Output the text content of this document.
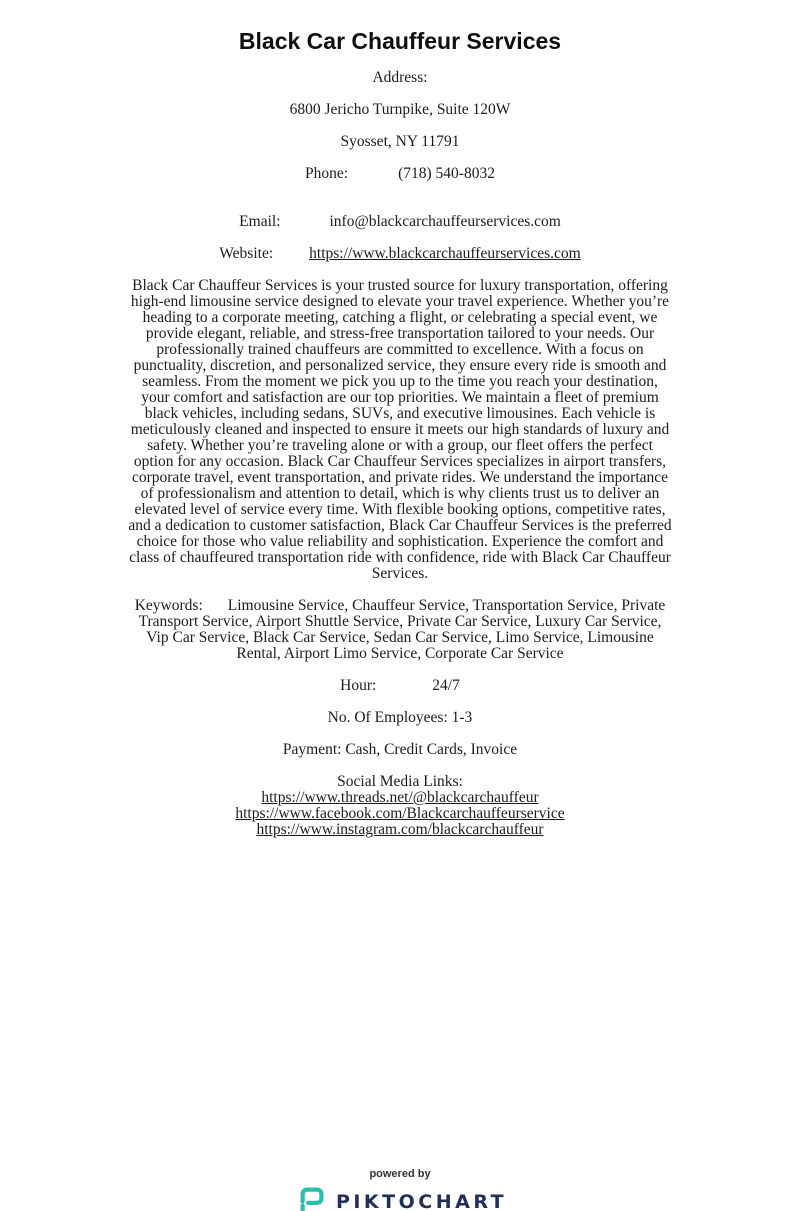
Black Car Chauffeur Services
Address:
6800 Jericho Turnpike, Suite 120W
Syosset, NY 11791
Phone:	(718) 540-8032
Email:	info@blackcarchauffeurservices.com
Website: https://www.blackcarchauffeurservices.com

Black Car Chauffeur Services is your trusted source for luxury transportation, offering high-end limousine service designed to elevate your travel experience. Whether you’re heading to a corporate meeting, catching a flight, or celebrating a special event, we provide elegant, reliable, and stress-free transportation tailored to your needs. Our professionally trained chauffeurs are committed to excellence. With a focus on punctuality, discretion, and personalized service, they ensure every ride is smooth and seamless. From the moment we pick you up to the time you reach your destination, your comfort and satisfaction are our top priorities. We maintain a fleet of premium black vehicles, including sedans, SUVs, and executive limousines. Each vehicle is meticulously cleaned and inspected to ensure it meets our high standards of luxury and safety. Whether you’re traveling alone or with a group, our fleet offers the perfect option for any occasion. Black Car Chauffeur Services specializes in airport transfers, corporate travel, event transportation, and private rides. We understand the importance of professionalism and attention to detail, which is why clients trust us to deliver an elevated level of service every time. With flexible booking options, competitive rates, and a dedication to customer satisfaction, Black Car Chauffeur Services is the preferred choice for those who value reliability and sophistication. Experience the comfort and class of chauffeured transportation ride with confidence, ride with Black Car Chauffeur Services.

Keywords: Limousine Service, Chauffeur Service, Transportation Service, Private Transport Service, Airport Shuttle Service, Private Car Service, Luxury Car Service, Vip Car Service, Black Car Service, Sedan Car Service, Limo Service, Limousine Rental, Airport Limo Service, Corporate Car Service

Hour:	24/7
No. Of Employees: 1-3
Payment: Cash, Credit Cards, Invoice
Social Media Links:
https://www.threads.net/@blackcarchauffeur
https://www.facebook.com/Blackcarchauffeurservice
https://www.instagram.com/blackcarchauffeur
powered by
PIKTOCHART
